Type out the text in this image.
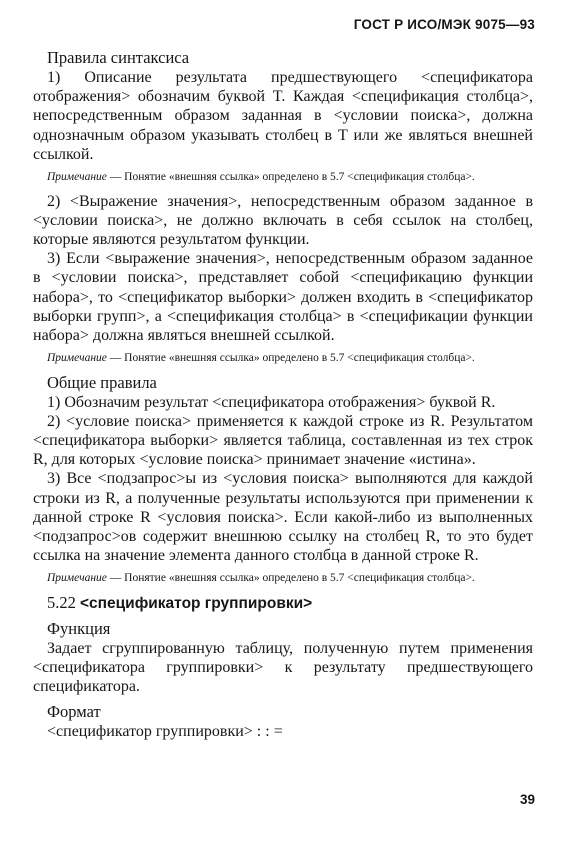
ГОСТ Р ИСО/МЭК 9075—93
Правила синтаксиса

1) Описание результата предшествующего <спецификатора отображения> обозначим буквой T. Каждая <спецификация столбца>, непосредственным образом заданная в <условии поиска>, должна однозначным образом указывать столбец в T или же являться внешней ссылкой.

Примечание — Понятие «внешняя ссылка» определено в 5.7 <спецификация столбца>.

2) <Выражение значения>, непосредственным образом заданное в <условии поиска>, не должно включать в себя ссылок на столбец, которые являются результатом функции.

3) Если <выражение значения>, непосредственным образом заданное в <условии поиска>, представляет собой <спецификацию функции набора>, то <спецификатор выборки> должен входить в <спецификатор выборки групп>, а <спецификация столбца> в <спецификации функции набора> должна являться внешней ссылкой.

Примечание — Понятие «внешняя ссылка» определено в 5.7 <спецификация столбца>.

Общие правила

1) Обозначим результат <спецификатора отображения> буквой R.

2) <условие поиска> применяется к каждой строке из R. Результатом <спецификатора выборки> является таблица, составленная из тех строк R, для которых <условие поиска> принимает значение «истина».

3) Все <подзапрос>ы из <условия поиска> выполняются для каждой строки из R, а полученные результаты используются при применении к данной строке R <условия поиска>. Если какой-либо из выполненных <подзапрос>ов содержит внешнюю ссылку на столбец R, то это будет ссылка на значение элемента данного столбца в данной строке R.

Примечание — Понятие «внешняя ссылка» определено в 5.7 <спецификация столбца>.

5.22 <спецификатор группировки>
Функция

Задает сгруппированную таблицу, полученную путем применения <спецификатора группировки> к результату предшествующего спецификатора.

Формат

<спецификатор группировки> : : =

39
